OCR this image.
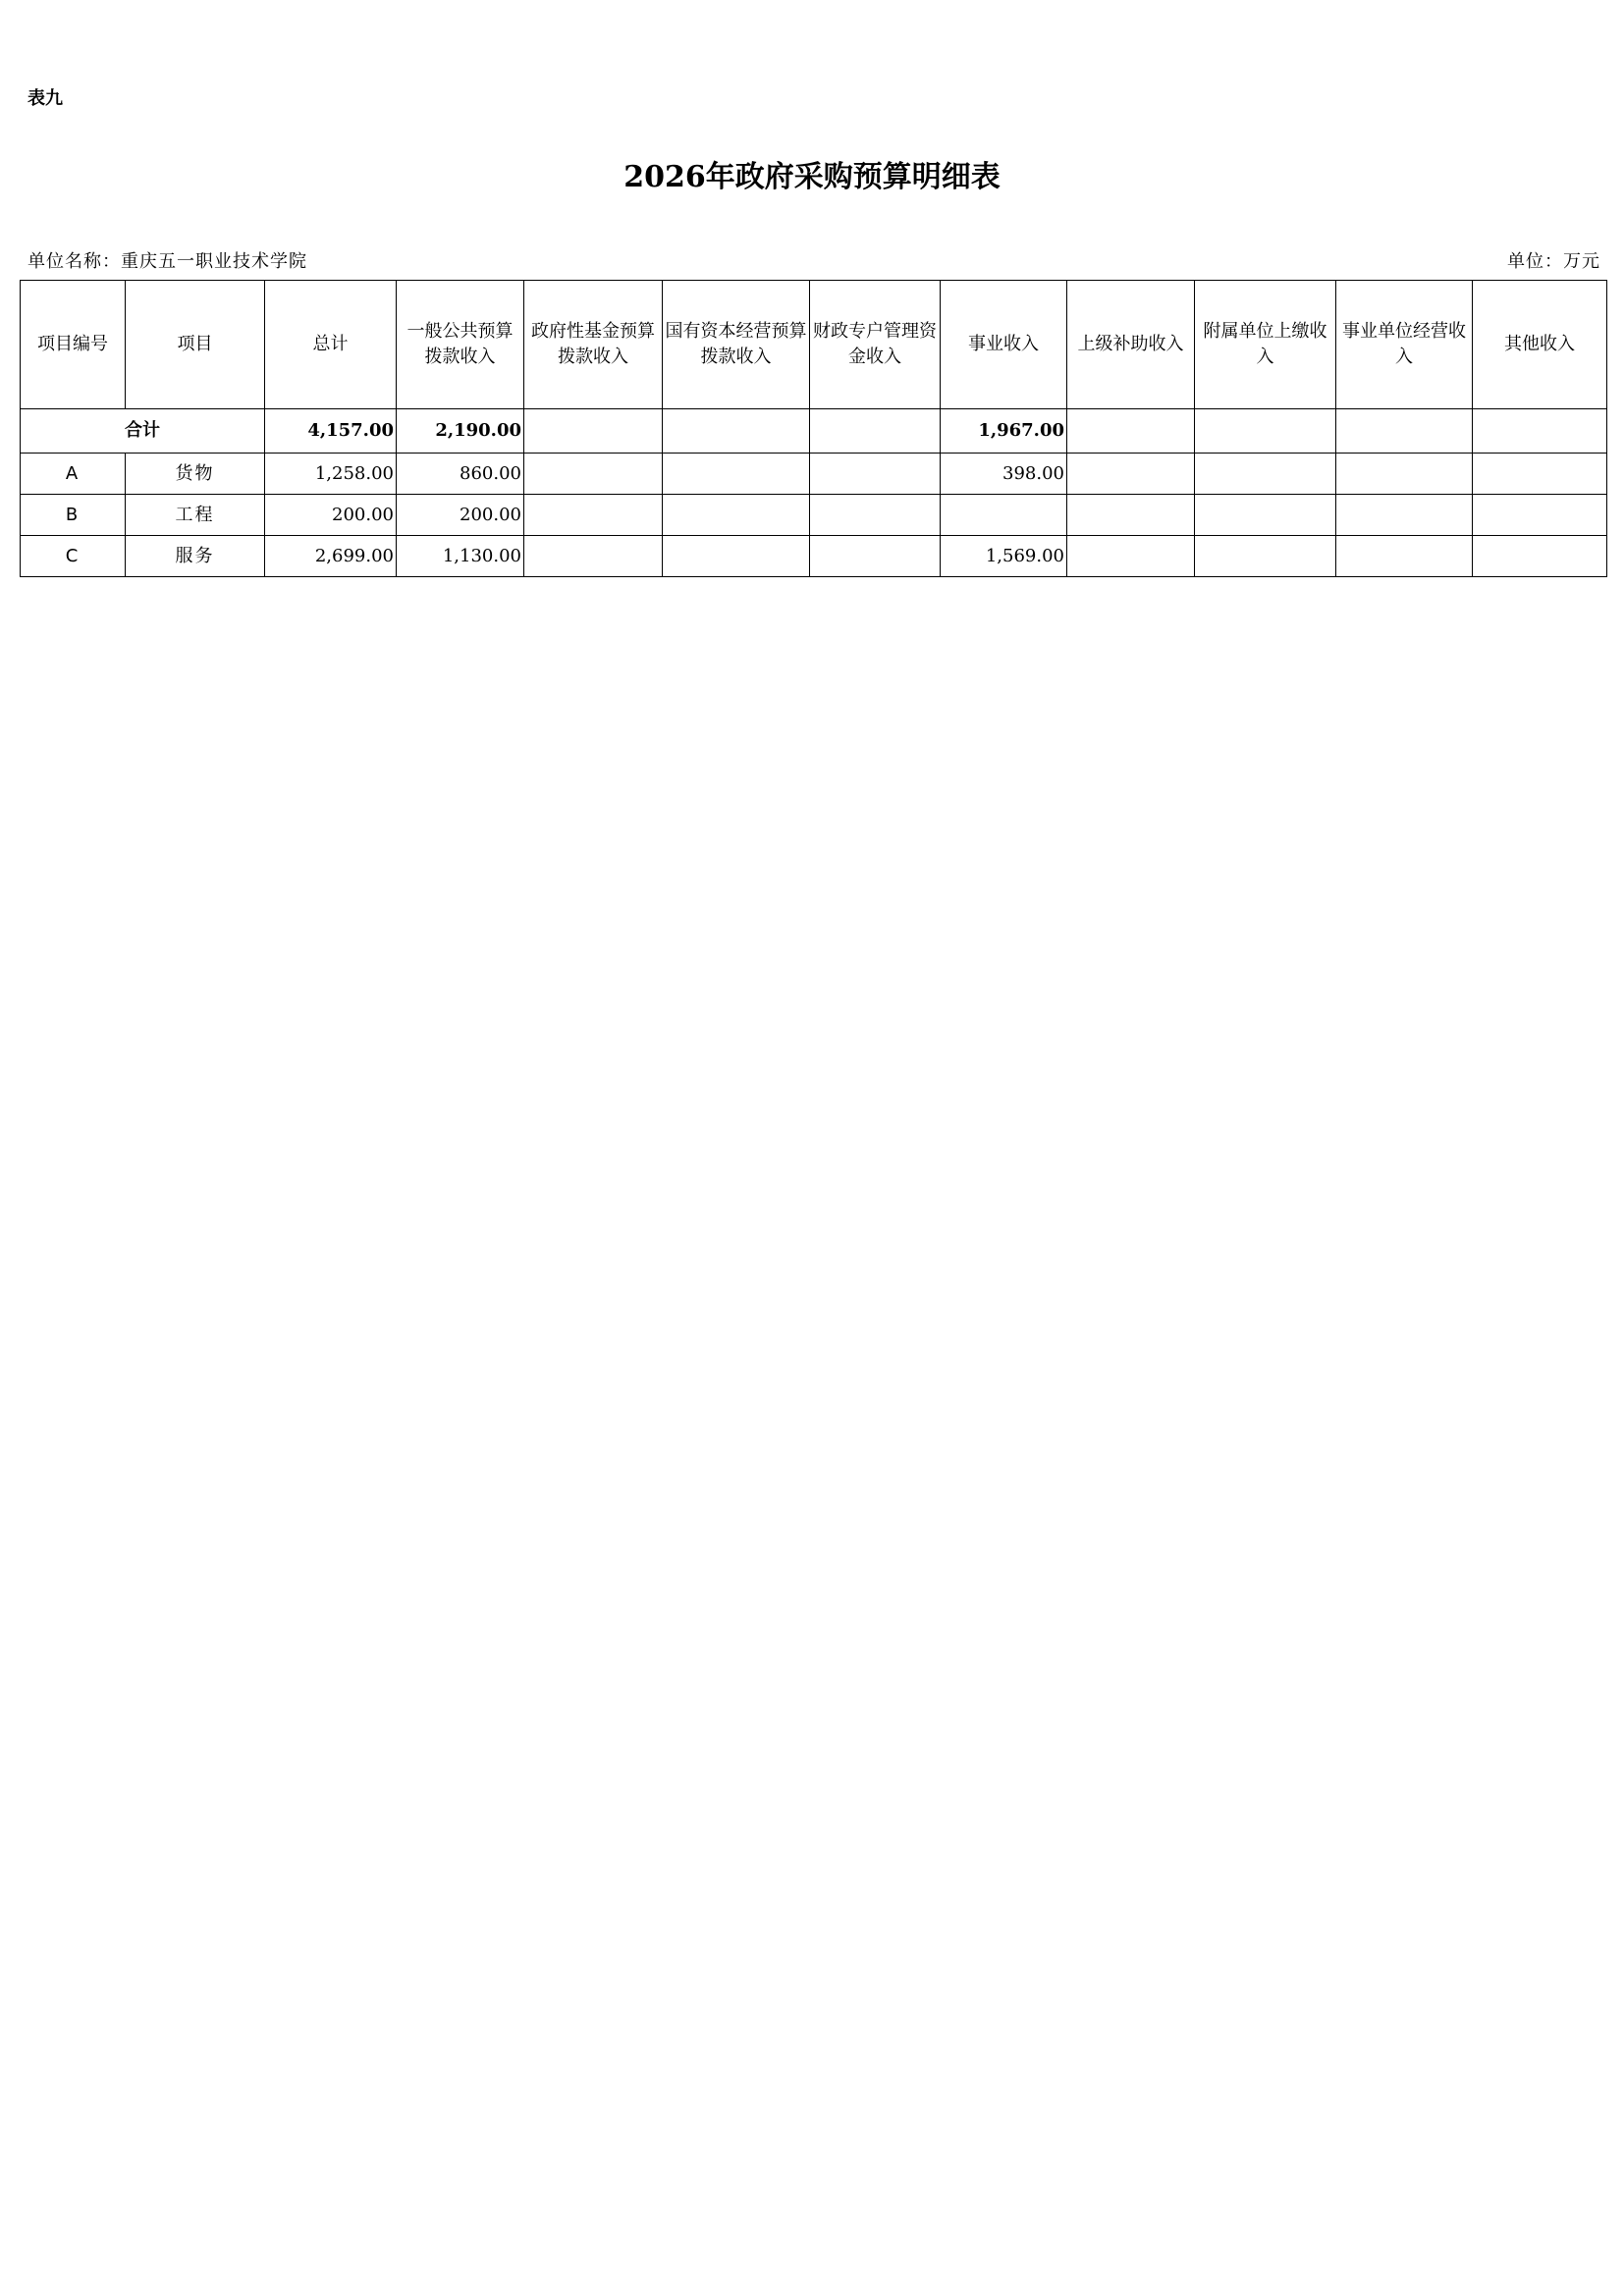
表九
2026年政府采购预算明细表
单位名称：重庆五一职业技术学院	单位：万元
项目编号	项目	总计	一般公共预算拨款收入	政府性基金预算拨款收入	国有资本经营预算拨款收入	财政专户管理资金收入	事业收入	上级补助收入	附属单位上缴收入	事业单位经营收入	其他收入
合计		4,157.00	2,190.00				1,967.00				
A	货物	1,258.00	860.00				398.00				
B	工程	200.00	200.00								
C	服务	2,699.00	1,130.00				1,569.00				
